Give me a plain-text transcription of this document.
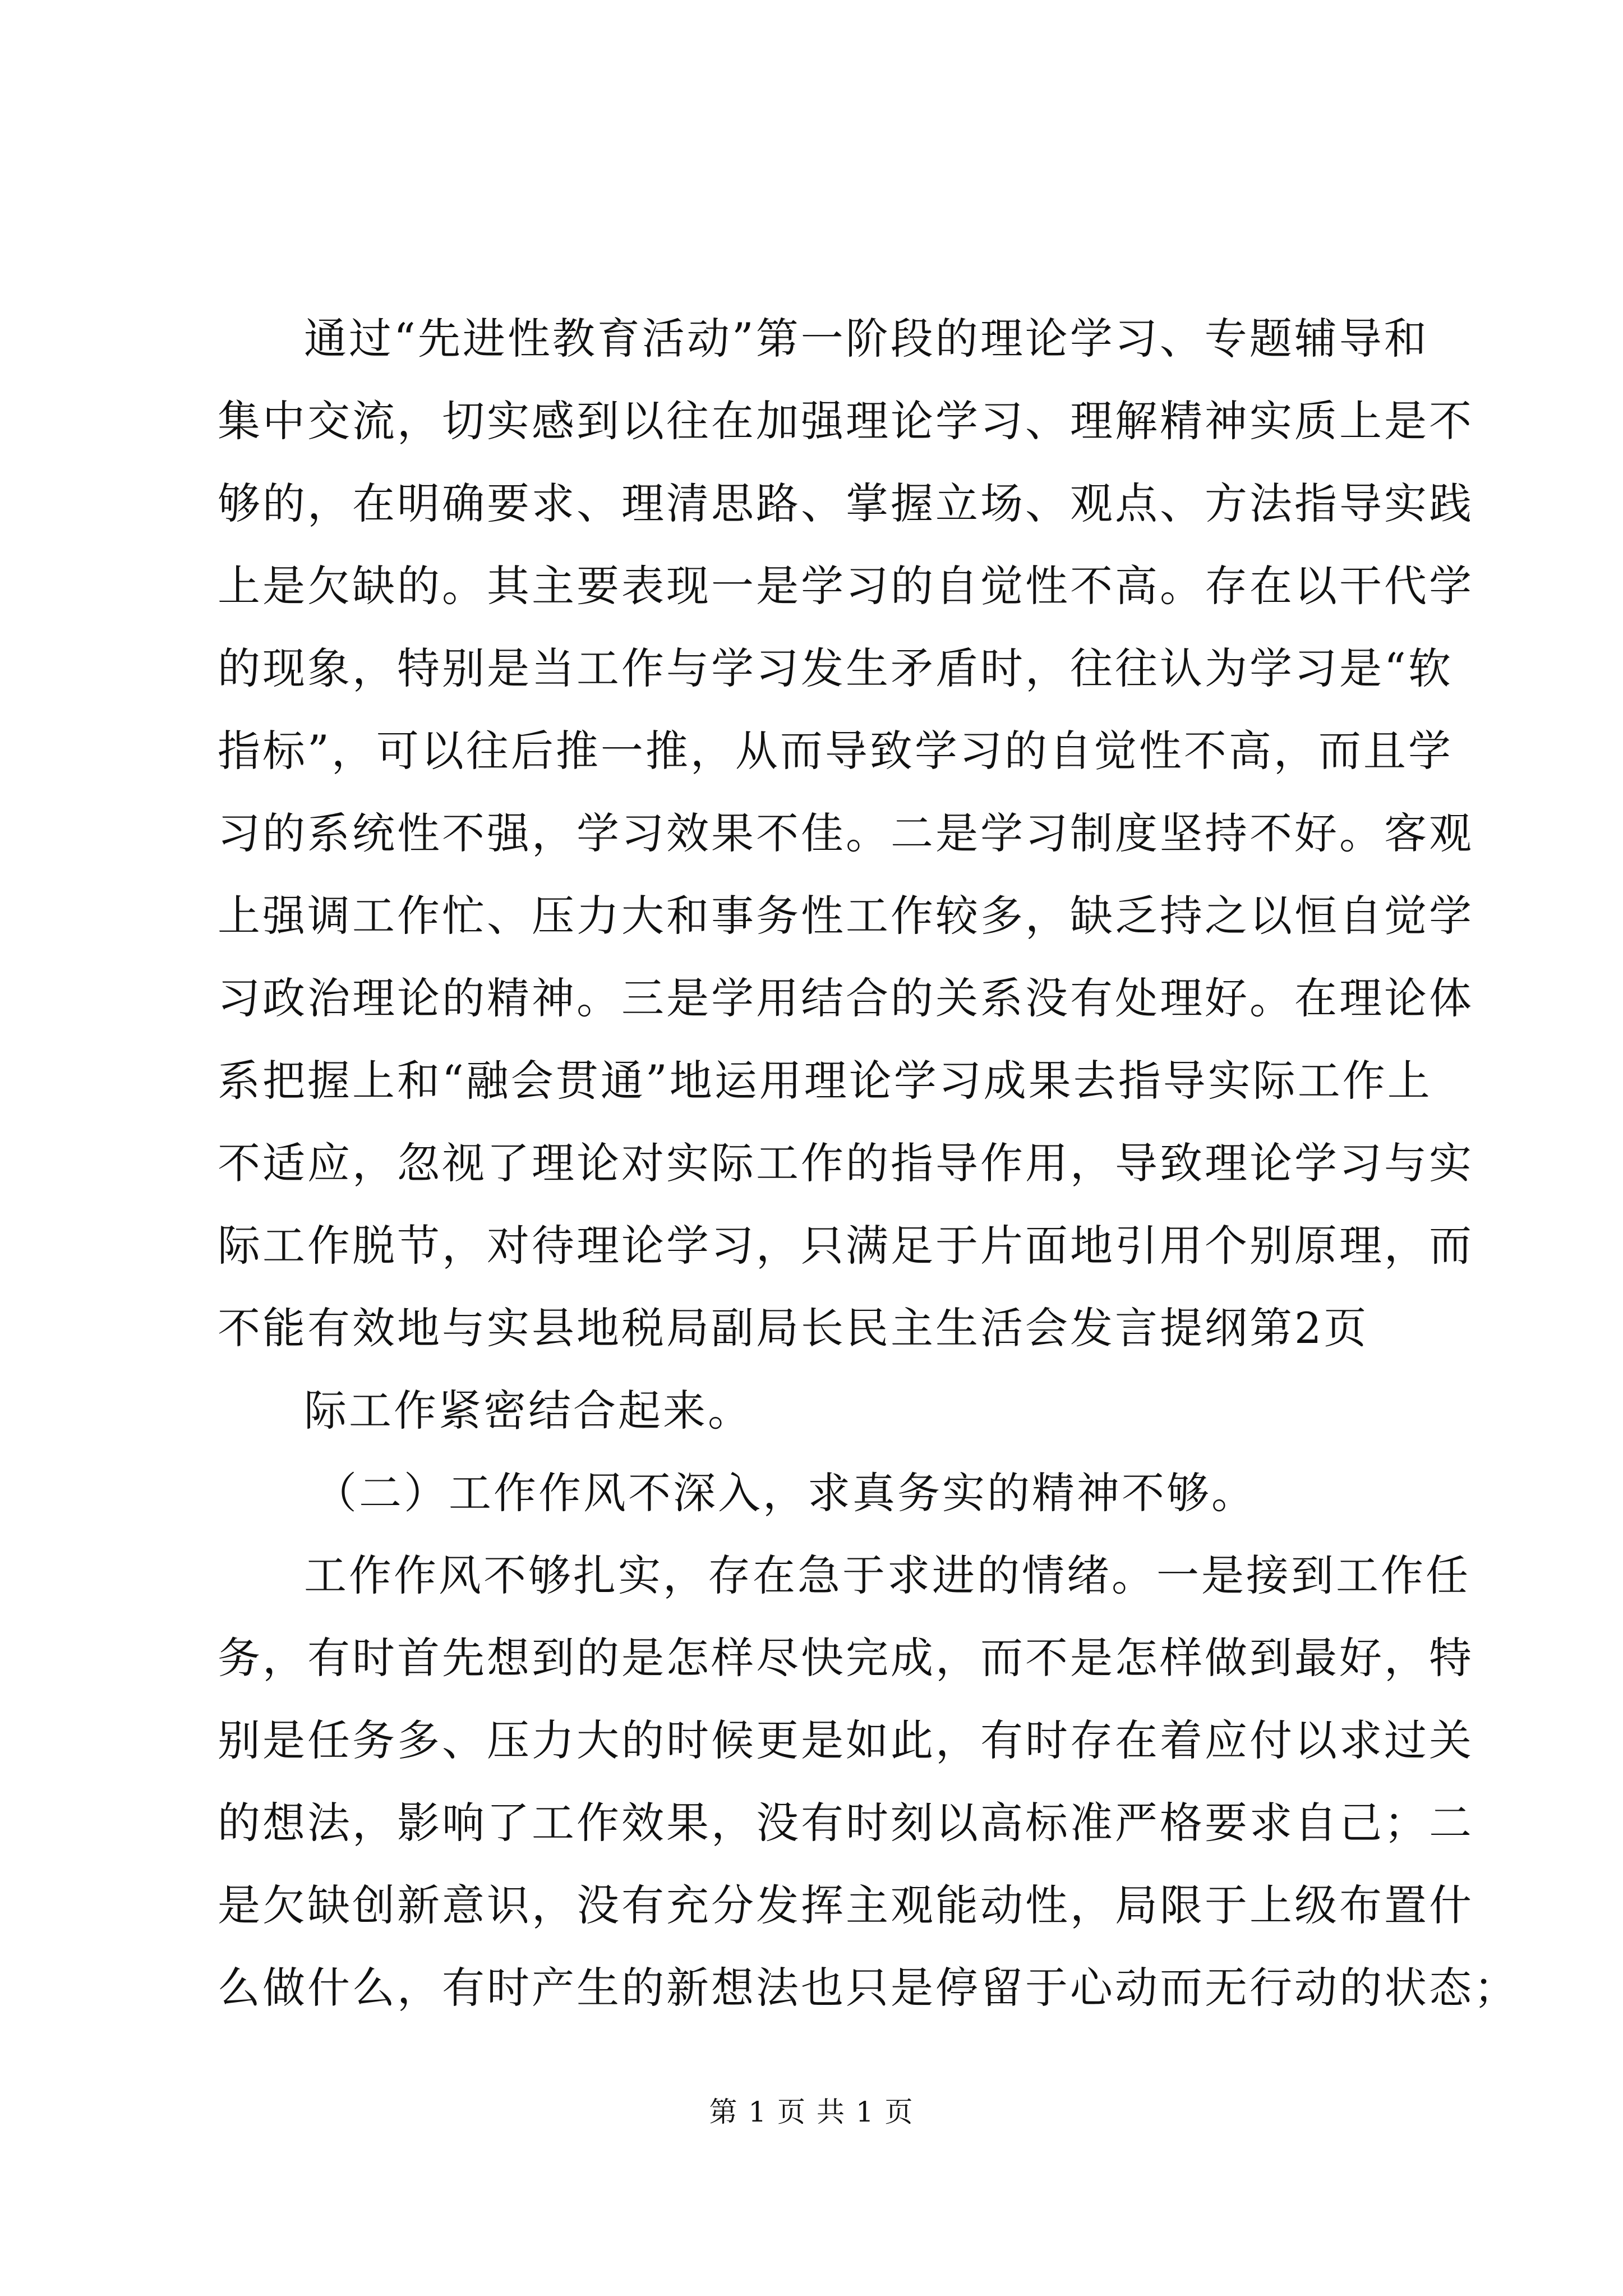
通过“先进性教育活动”第一阶段的理论学习、专题辅导和
集中交流，切实感到以往在加强理论学习、理解精神实质上是不
够的，在明确要求、理清思路、掌握立场、观点、方法指导实践
上是欠缺的。其主要表现一是学习的自觉性不高。存在以干代学
的现象，特别是当工作与学习发生矛盾时，往往认为学习是“软
指标”，可以往后推一推，从而导致学习的自觉性不高，而且学
习的系统性不强，学习效果不佳。二是学习制度坚持不好。客观
上强调工作忙、压力大和事务性工作较多，缺乏持之以恒自觉学
习政治理论的精神。三是学用结合的关系没有处理好。在理论体
系把握上和“融会贯通”地运用理论学习成果去指导实际工作上
不适应，忽视了理论对实际工作的指导作用，导致理论学习与实
际工作脱节，对待理论学习，只满足于片面地引用个别原理，而
不能有效地与实县地税局副局长民主生活会发言提纲第2页
际工作紧密结合起来。
（二）工作作风不深入，求真务实的精神不够。
工作作风不够扎实，存在急于求进的情绪。一是接到工作任
务，有时首先想到的是怎样尽快完成，而不是怎样做到最好，特
别是任务多、压力大的时候更是如此，有时存在着应付以求过关
的想法，影响了工作效果，没有时刻以高标准严格要求自己；二
是欠缺创新意识，没有充分发挥主观能动性，局限于上级布置什
么做什么，有时产生的新想法也只是停留于心动而无行动的状态；
第 1 页 共 1 页
